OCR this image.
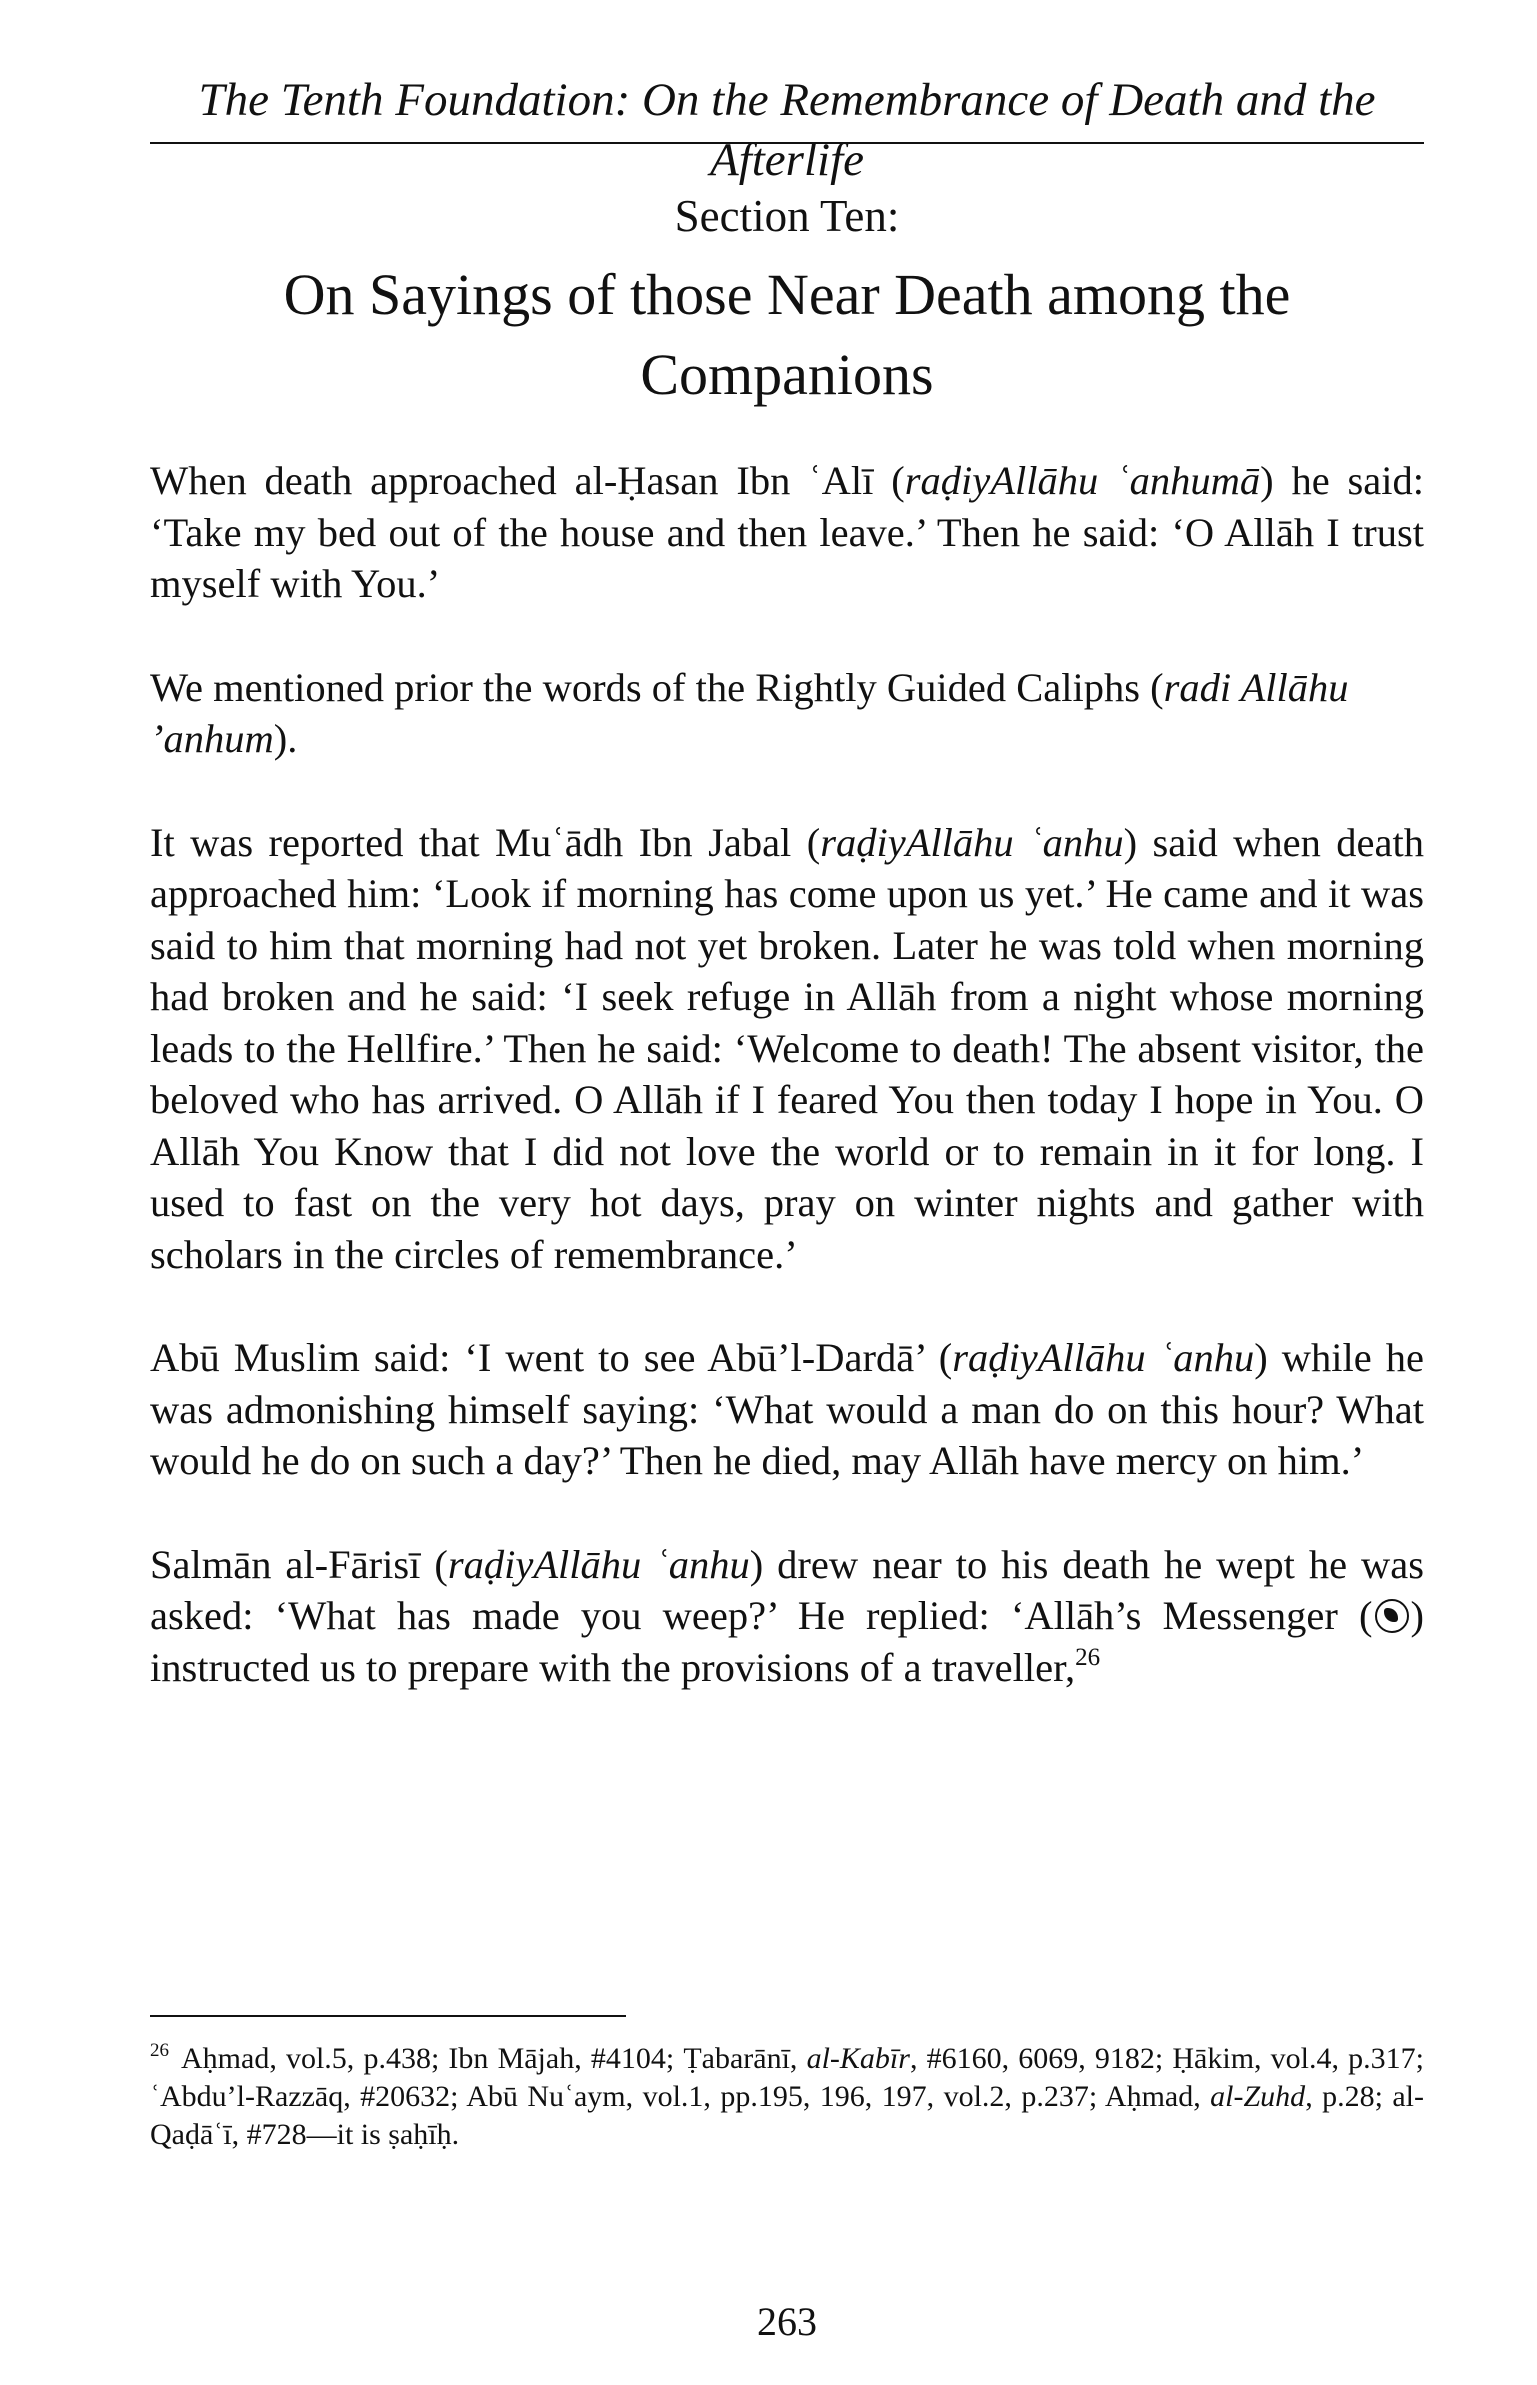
The Tenth Foundation: On the Remembrance of Death and the Afterlife
Section Ten:
On Sayings of those Near Death among the
Companions

When death approached al-Ḥasan Ibn ʿAlī (raḍiyAllāhu ʿanhumā) he said: ‘Take my bed out of the house and then leave.’ Then he said: ‘O Allāh I trust myself with You.’

We mentioned prior the words of the Rightly Guided Caliphs (radi Allāhu ’anhum).

It was reported that Muʿādh Ibn Jabal (raḍiyAllāhu ʿanhu) said when death approached him: ‘Look if morning has come upon us yet.’ He came and it was said to him that morning had not yet broken. Later he was told when morning had broken and he said: ‘I seek refuge in Allāh from a night whose morning leads to the Hellfire.’ Then he said: ‘Welcome to death! The absent visitor, the beloved who has arrived. O Allāh if I feared You then today I hope in You. O Allāh You Know that I did not love the world or to remain in it for long. I used to fast on the very hot days, pray on winter nights and gather with scholars in the circles of remembrance.’

Abū Muslim said: ‘I went to see Abū’l-Dardā’ (raḍiyAllāhu ʿanhu) while he was admonishing himself saying: ‘What would a man do on this hour? What would he do on such a day?’ Then he died, may Allāh have mercy on him.’

Salmān al-Fārisī (raḍiyAllāhu ʿanhu) drew near to his death he wept he was asked: ‘What has made you weep?’ He replied: ‘Allāh’s Messenger ( ) instructed us to prepare with the provisions of a traveller,$^{26}$

$^{26}$ Aḥmad, vol.5, p.438; Ibn Mājah, #4104; Ṭabarānī, al-Kabīr, #6160, 6069, 9182; Ḥākim, vol.4, p.317; ʿAbdu’l-Razzāq, #20632; Abū Nuʿaym, vol.1, pp.195, 196, 197, vol.2, p.237; Aḥmad, al-Zuhd, p.28; al-Qaḍāʿī, #728—it is ṣaḥīḥ.
263
